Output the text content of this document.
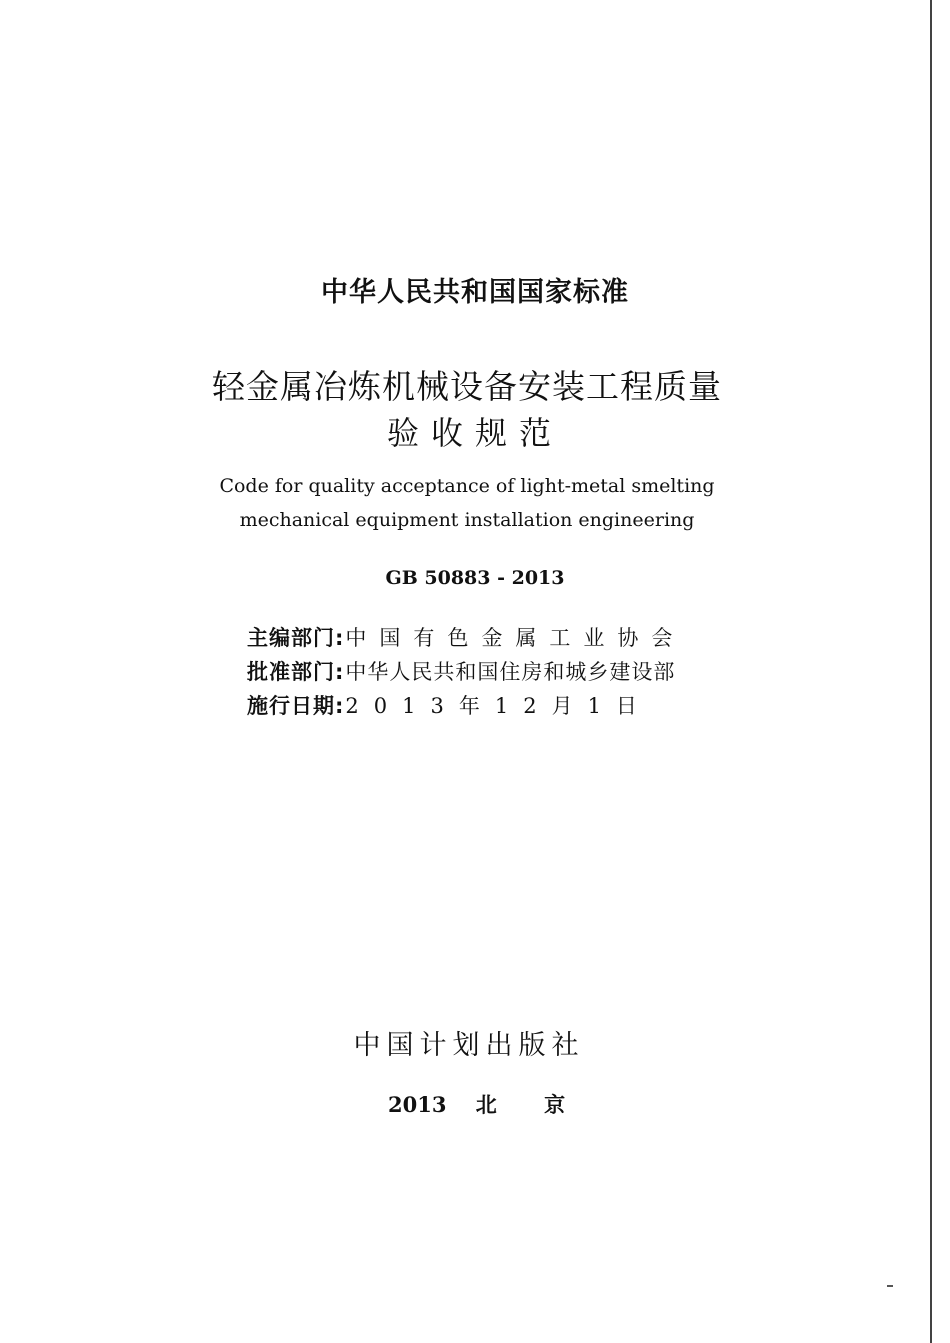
中华人民共和国国家标准
轻金属冶炼机械设备安装工程质量
验收规范
Code for quality acceptance of light-metal smelting
mechanical equipment installation engineering
GB 50883 - 2013
主编部门 : 中国有色金属工业协会
批准部门 : 中华人民共和国住房和城乡建设部
施行日期 : 2013年12月1日
中国计划出版社
2013 北 京
